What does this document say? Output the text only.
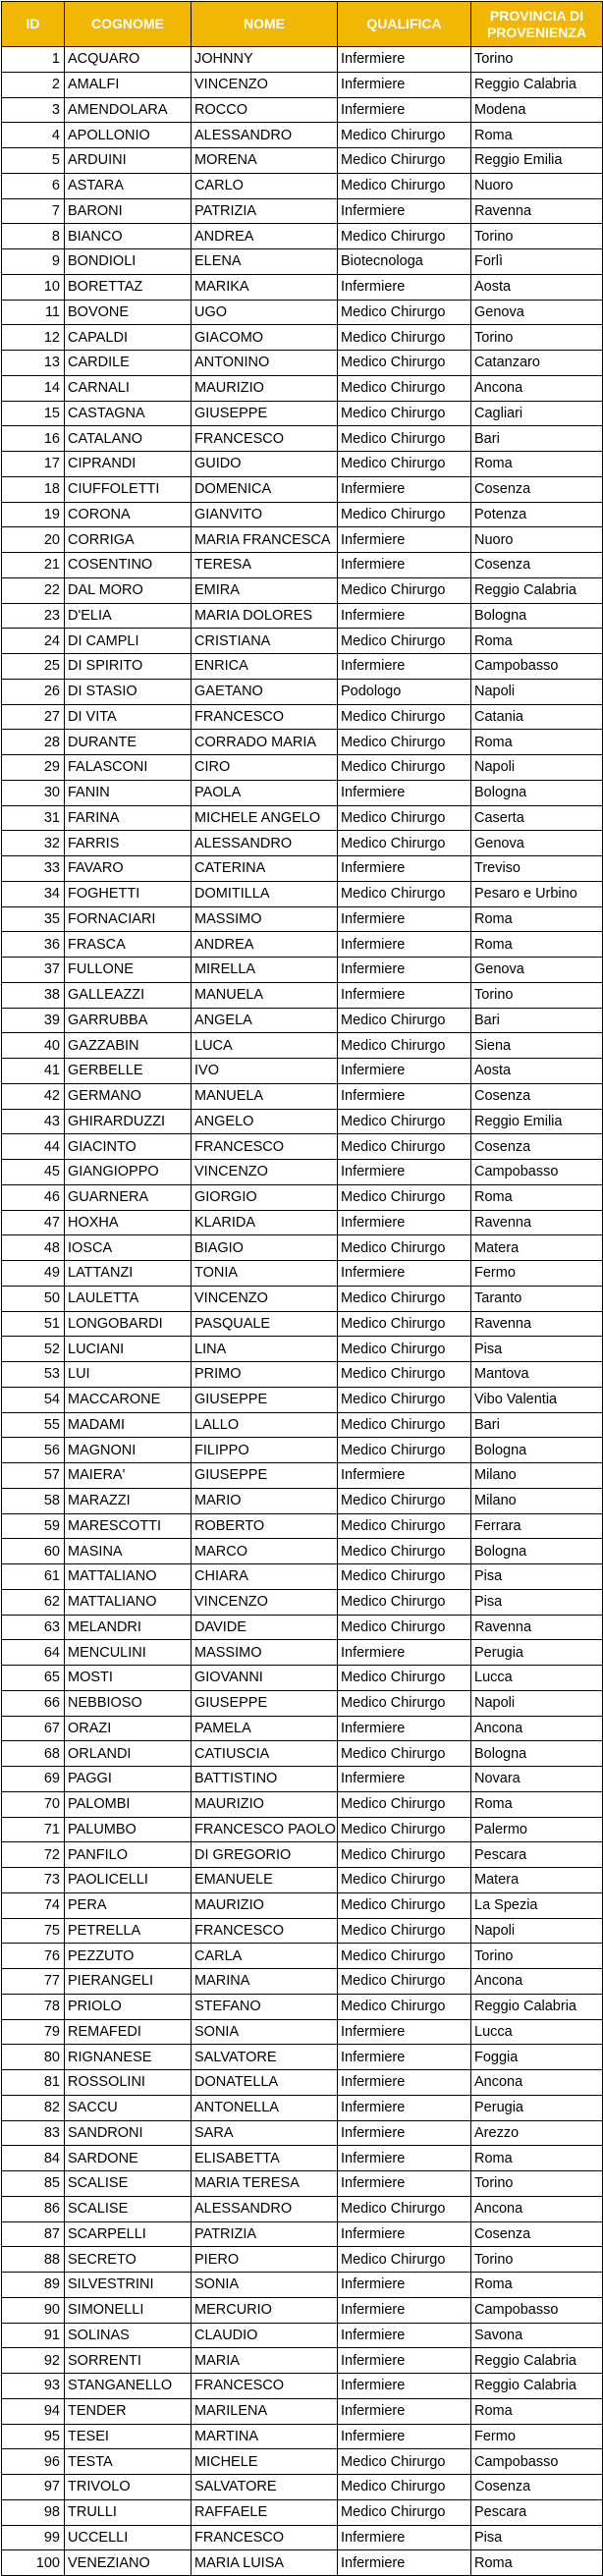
ID	COGNOME	NOME	QUALIFICA	PROVINCIA DI PROVENIENZA
1	ACQUARO	JOHNNY	Infermiere	Torino
2	AMALFI	VINCENZO	Infermiere	Reggio Calabria
3	AMENDOLARA	ROCCO	Infermiere	Modena
4	APOLLONIO	ALESSANDRO	Medico Chirurgo	Roma
5	ARDUINI	MORENA	Medico Chirurgo	Reggio Emilia
6	ASTARA	CARLO	Medico Chirurgo	Nuoro
7	BARONI	PATRIZIA	Infermiere	Ravenna
8	BIANCO	ANDREA	Medico Chirurgo	Torino
9	BONDIOLI	ELENA	Biotecnologa	Forlì
10	BORETTAZ	MARIKA	Infermiere	Aosta
11	BOVONE	UGO	Medico Chirurgo	Genova
12	CAPALDI	GIACOMO	Medico Chirurgo	Torino
13	CARDILE	ANTONINO	Medico Chirurgo	Catanzaro
14	CARNALI	MAURIZIO	Medico Chirurgo	Ancona
15	CASTAGNA	GIUSEPPE	Medico Chirurgo	Cagliari
16	CATALANO	FRANCESCO	Medico Chirurgo	Bari
17	CIPRANDI	GUIDO	Medico Chirurgo	Roma
18	CIUFFOLETTI	DOMENICA	Infermiere	Cosenza
19	CORONA	GIANVITO	Medico Chirurgo	Potenza
20	CORRIGA	MARIA FRANCESCA	Infermiere	Nuoro
21	COSENTINO	TERESA	Infermiere	Cosenza
22	DAL MORO	EMIRA	Medico Chirurgo	Reggio Calabria
23	D'ELIA	MARIA DOLORES	Infermiere	Bologna
24	DI CAMPLI	CRISTIANA	Medico Chirurgo	Roma
25	DI SPIRITO	ENRICA	Infermiere	Campobasso
26	DI STASIO	GAETANO	Podologo	Napoli
27	DI VITA	FRANCESCO	Medico Chirurgo	Catania
28	DURANTE	CORRADO MARIA	Medico Chirurgo	Roma
29	FALASCONI	CIRO	Medico Chirurgo	Napoli
30	FANIN	PAOLA	Infermiere	Bologna
31	FARINA	MICHELE ANGELO	Medico Chirurgo	Caserta
32	FARRIS	ALESSANDRO	Medico Chirurgo	Genova
33	FAVARO	CATERINA	Infermiere	Treviso
34	FOGHETTI	DOMITILLA	Medico Chirurgo	Pesaro e Urbino
35	FORNACIARI	MASSIMO	Infermiere	Roma
36	FRASCA	ANDREA	Infermiere	Roma
37	FULLONE	MIRELLA	Infermiere	Genova
38	GALLEAZZI	MANUELA	Infermiere	Torino
39	GARRUBBA	ANGELA	Medico Chirurgo	Bari
40	GAZZABIN	LUCA	Medico Chirurgo	Siena
41	GERBELLE	IVO	Infermiere	Aosta
42	GERMANO	MANUELA	Infermiere	Cosenza
43	GHIRARDUZZI	ANGELO	Medico Chirurgo	Reggio Emilia
44	GIACINTO	FRANCESCO	Medico Chirurgo	Cosenza
45	GIANGIOPPO	VINCENZO	Infermiere	Campobasso
46	GUARNERA	GIORGIO	Medico Chirurgo	Roma
47	HOXHA	KLARIDA	Infermiere	Ravenna
48	IOSCA	BIAGIO	Medico Chirurgo	Matera
49	LATTANZI	TONIA	Infermiere	Fermo
50	LAULETTA	VINCENZO	Medico Chirurgo	Taranto
51	LONGOBARDI	PASQUALE	Medico Chirurgo	Ravenna
52	LUCIANI	LINA	Medico Chirurgo	Pisa
53	LUI	PRIMO	Medico Chirurgo	Mantova
54	MACCARONE	GIUSEPPE	Medico Chirurgo	Vibo Valentia
55	MADAMI	LALLO	Medico Chirurgo	Bari
56	MAGNONI	FILIPPO	Medico Chirurgo	Bologna
57	MAIERA'	GIUSEPPE	Infermiere	Milano
58	MARAZZI	MARIO	Medico Chirurgo	Milano
59	MARESCOTTI	ROBERTO	Medico Chirurgo	Ferrara
60	MASINA	MARCO	Medico Chirurgo	Bologna
61	MATTALIANO	CHIARA	Medico Chirurgo	Pisa
62	MATTALIANO	VINCENZO	Medico Chirurgo	Pisa
63	MELANDRI	DAVIDE	Medico Chirurgo	Ravenna
64	MENCULINI	MASSIMO	Infermiere	Perugia
65	MOSTI	GIOVANNI	Medico Chirurgo	Lucca
66	NEBBIOSO	GIUSEPPE	Medico Chirurgo	Napoli
67	ORAZI	PAMELA	Infermiere	Ancona
68	ORLANDI	CATIUSCIA	Medico Chirurgo	Bologna
69	PAGGI	BATTISTINO	Infermiere	Novara
70	PALOMBI	MAURIZIO	Medico Chirurgo	Roma
71	PALUMBO	FRANCESCO PAOLO	Medico Chirurgo	Palermo
72	PANFILO	DI GREGORIO	Medico Chirurgo	Pescara
73	PAOLICELLI	EMANUELE	Medico Chirurgo	Matera
74	PERA	MAURIZIO	Medico Chirurgo	La Spezia
75	PETRELLA	FRANCESCO	Medico Chirurgo	Napoli
76	PEZZUTO	CARLA	Medico Chirurgo	Torino
77	PIERANGELI	MARINA	Medico Chirurgo	Ancona
78	PRIOLO	STEFANO	Medico Chirurgo	Reggio Calabria
79	REMAFEDI	SONIA	Infermiere	Lucca
80	RIGNANESE	SALVATORE	Infermiere	Foggia
81	ROSSOLINI	DONATELLA	Infermiere	Ancona
82	SACCU	ANTONELLA	Infermiere	Perugia
83	SANDRONI	SARA	Infermiere	Arezzo
84	SARDONE	ELISABETTA	Infermiere	Roma
85	SCALISE	MARIA TERESA	Infermiere	Torino
86	SCALISE	ALESSANDRO	Medico Chirurgo	Ancona
87	SCARPELLI	PATRIZIA	Infermiere	Cosenza
88	SECRETO	PIERO	Medico Chirurgo	Torino
89	SILVESTRINI	SONIA	Infermiere	Roma
90	SIMONELLI	MERCURIO	Infermiere	Campobasso
91	SOLINAS	CLAUDIO	Infermiere	Savona
92	SORRENTI	MARIA	Infermiere	Reggio Calabria
93	STANGANELLO	FRANCESCO	Infermiere	Reggio Calabria
94	TENDER	MARILENA	Infermiere	Roma
95	TESEI	MARTINA	Infermiere	Fermo
96	TESTA	MICHELE	Medico Chirurgo	Campobasso
97	TRIVOLO	SALVATORE	Medico Chirurgo	Cosenza
98	TRULLI	RAFFAELE	Medico Chirurgo	Pescara
99	UCCELLI	FRANCESCO	Infermiere	Pisa
100	VENEZIANO	MARIA LUISA	Infermiere	Roma
